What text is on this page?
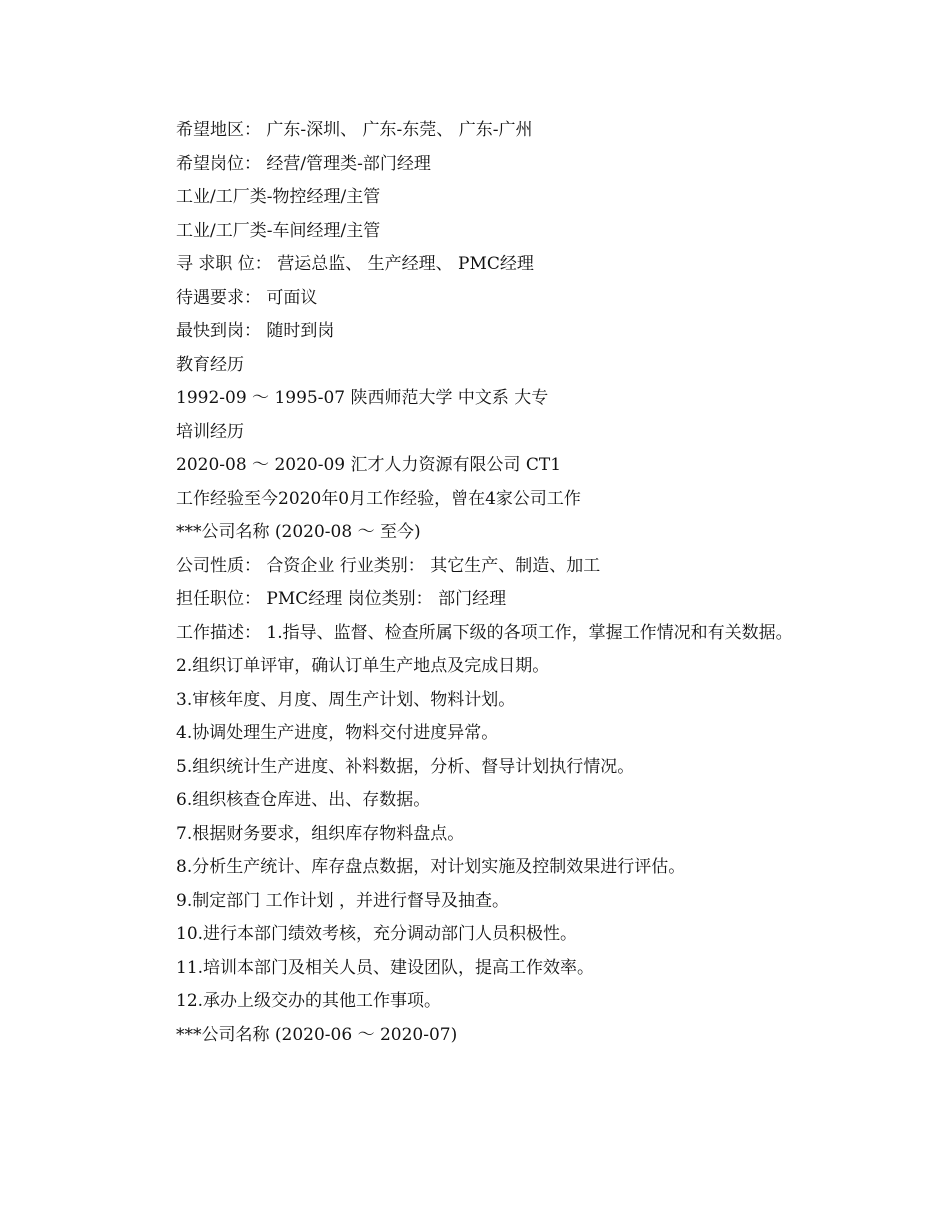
希望地区： 广东-深圳、 广东-东莞、 广东-广州
希望岗位： 经营/管理类-部门经理
工业/工厂类-物控经理/主管
工业/工厂类-车间经理/主管
寻 求职 位： 营运总监、 生产经理、 PMC经理
待遇要求： 可面议
最快到岗： 随时到岗
教育经历
1992-09 ～ 1995-07 陕西师范大学 中文系 大专
培训经历
2020-08 ～ 2020-09 汇才人力资源有限公司 CT1
工作经验至今2020年0月工作经验，曾在4家公司工作
***公司名称 (2020-08 ～ 至今)
公司性质： 合资企业 行业类别： 其它生产、制造、加工
担任职位： PMC经理 岗位类别： 部门经理
工作描述： 1.指导、监督、检查所属下级的各项工作，掌握工作情况和有关数据。
2.组织订单评审，确认订单生产地点及完成日期。
3.审核年度、月度、周生产计划、物料计划。
4.协调处理生产进度，物料交付进度异常。
5.组织统计生产进度、补料数据，分析、督导计划执行情况。
6.组织核查仓库进、出、存数据。
7.根据财务要求，组织库存物料盘点。
8.分析生产统计、库存盘点数据，对计划实施及控制效果进行评估。
9.制定部门 工作计划 ，并进行督导及抽查。
10.进行本部门绩效考核，充分调动部门人员积极性。
11.培训本部门及相关人员、建设团队，提高工作效率。
12.承办上级交办的其他工作事项。
***公司名称 (2020-06 ～ 2020-07)
